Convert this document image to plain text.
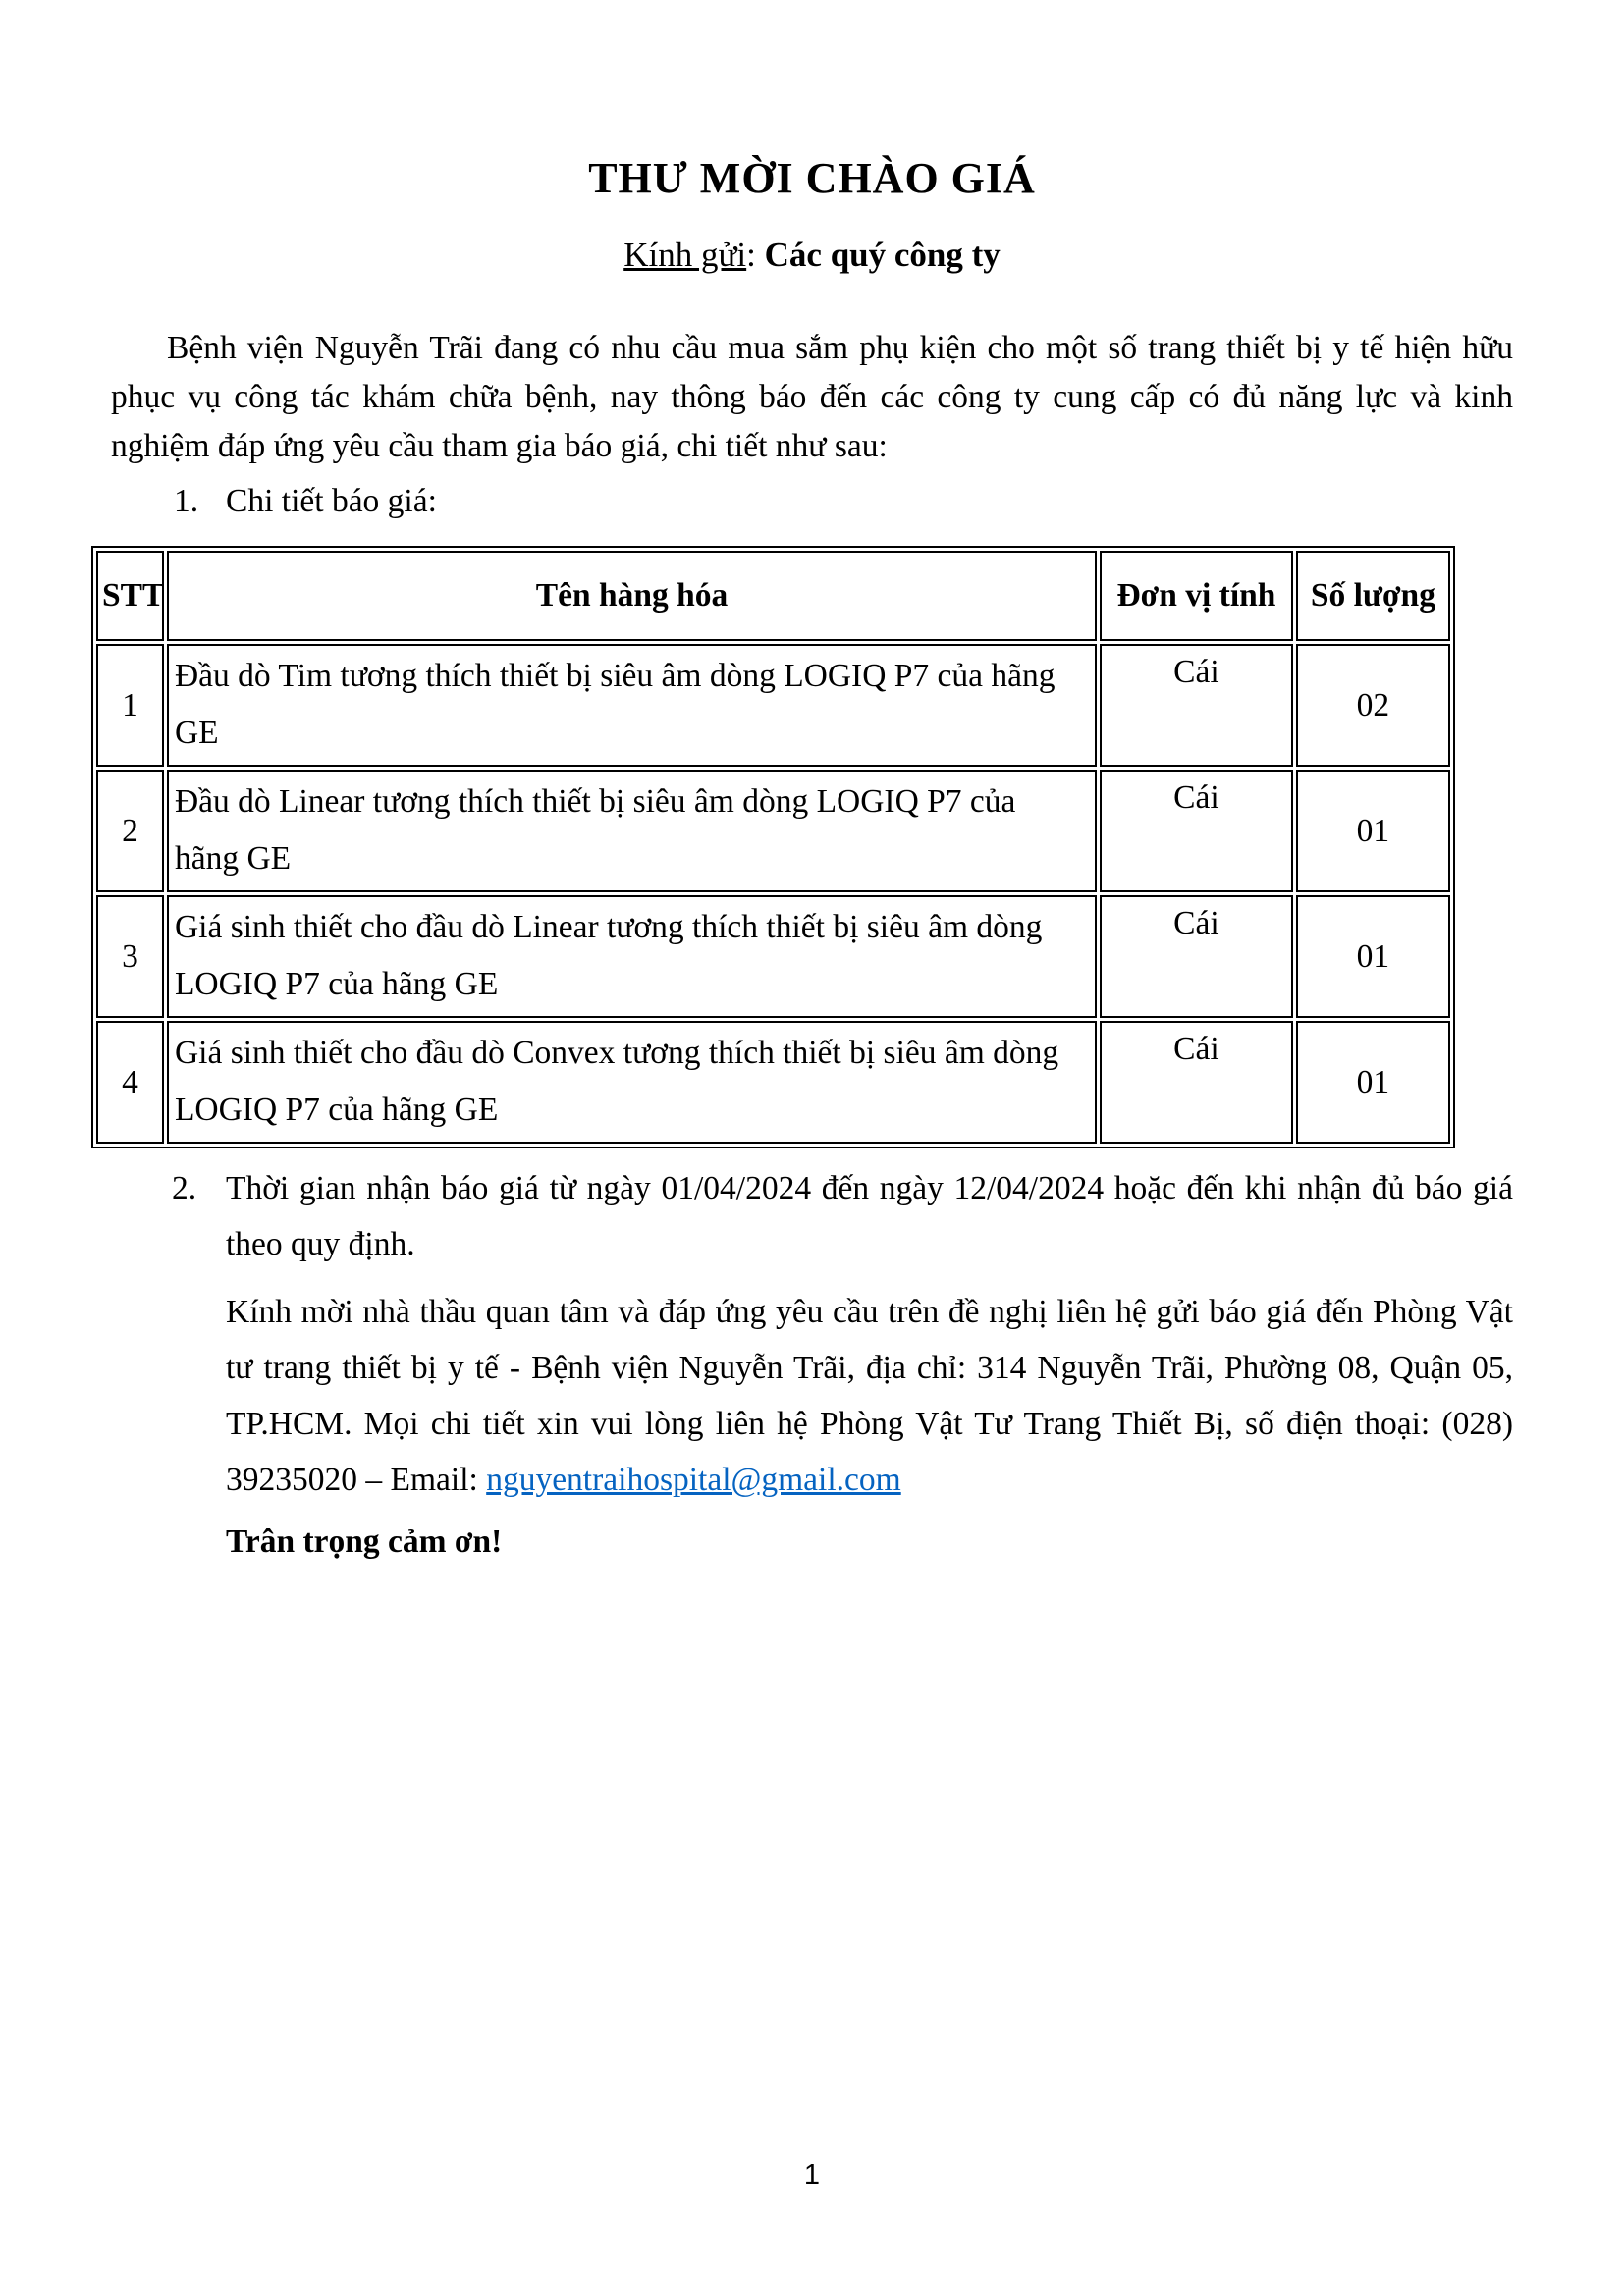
THƯ MỜI CHÀO GIÁ
Kính gửi: Các quý công ty
Bệnh viện Nguyễn Trãi đang có nhu cầu mua sắm phụ kiện cho một số trang thiết bị y tế hiện hữu phục vụ công tác khám chữa bệnh, nay thông báo đến các công ty cung cấp có đủ năng lực và kinh nghiệm đáp ứng yêu cầu tham gia báo giá, chi tiết như sau:
1. Chi tiết báo giá:
STT	Tên hàng hóa	Đơn vị tính	Số lượng
1	Đầu dò Tim tương thích thiết bị siêu âm dòng LOGIQ P7 của hãng GE	Cái	02
2	Đầu dò Linear tương thích thiết bị siêu âm dòng LOGIQ P7 của hãng GE	Cái	01
3	Giá sinh thiết cho đầu dò Linear tương thích thiết bị siêu âm dòng LOGIQ P7 của hãng GE	Cái	01
4	Giá sinh thiết cho đầu dò Convex tương thích thiết bị siêu âm dòng LOGIQ P7 của hãng GE	Cái	01
2. Thời gian nhận báo giá từ ngày 01/04/2024 đến ngày 12/04/2024 hoặc đến khi nhận đủ báo giá theo quy định.
Kính mời nhà thầu quan tâm và đáp ứng yêu cầu trên đề nghị liên hệ gửi báo giá đến Phòng Vật tư trang thiết bị y tế - Bệnh viện Nguyễn Trãi, địa chỉ: 314 Nguyễn Trãi, Phường 08, Quận 05, TP.HCM. Mọi chi tiết xin vui lòng liên hệ Phòng Vật Tư Trang Thiết Bị, số điện thoại: (028) 39235020 – Email: nguyentraihospital@gmail.com
Trân trọng cảm ơn!
1
